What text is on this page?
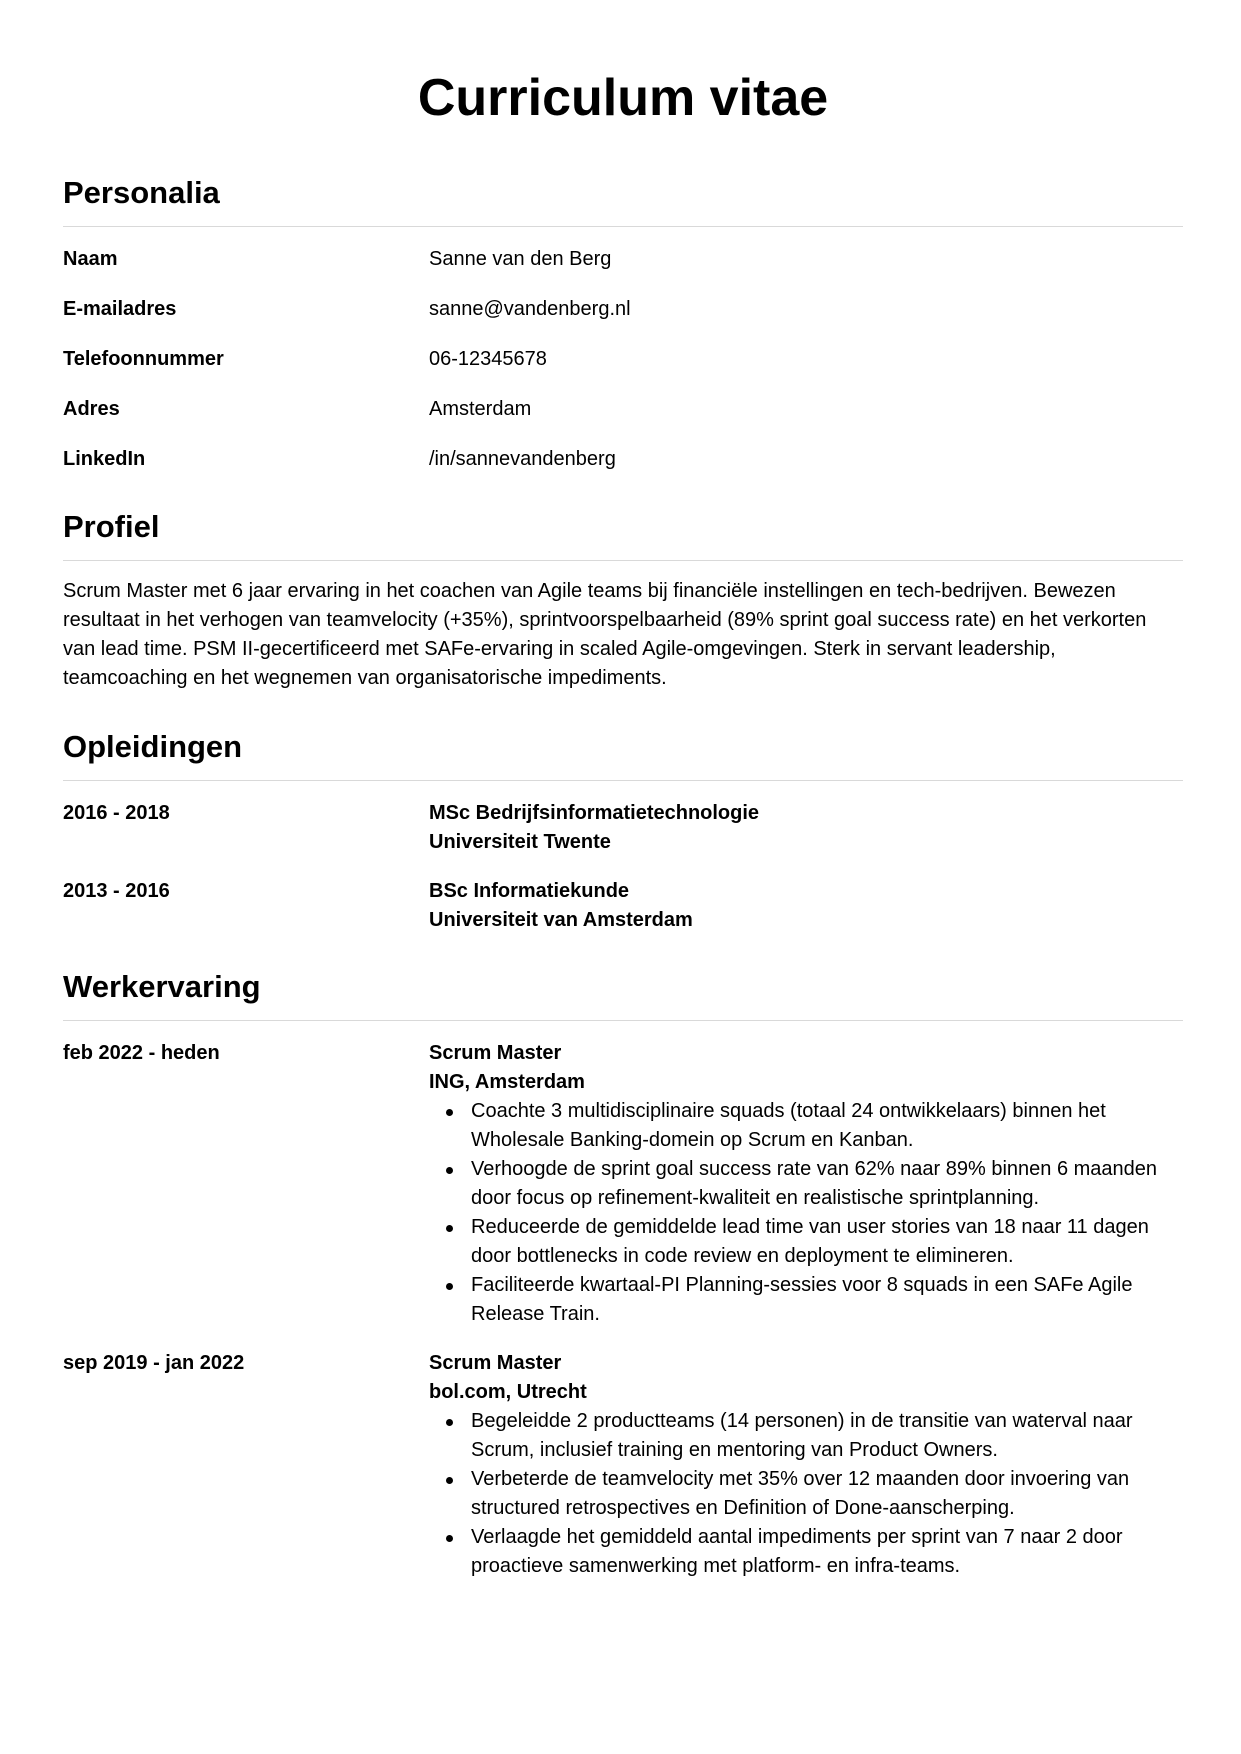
Curriculum vitae
Personalia
Naam	Sanne van den Berg
E-mailadres	sanne@vandenberg.nl
Telefoonnummer	06-12345678
Adres	Amsterdam
LinkedIn	/in/sannevandenberg
Profiel

Scrum Master met 6 jaar ervaring in het coachen van Agile teams bij financiële instellingen en tech-bedrijven. Bewezen resultaat in het verhogen van teamvelocity (+35%), sprintvoorspelbaarheid (89% sprint goal success rate) en het verkorten van lead time. PSM II-gecertificeerd met SAFe-ervaring in scaled Agile-omgevingen. Sterk in servant leadership, teamcoaching en het wegnemen van organisatorische impediments.

Opleidingen
2016 - 2018	MSc Bedrijfsinformatietechnologie
Universiteit Twente
2013 - 2016	BSc Informatiekunde
Universiteit van Amsterdam
Werkervaring
feb 2022 - heden	Scrum Master
ING, Amsterdam
Coachte 3 multidisciplinaire squads (totaal 24 ontwikkelaars) binnen het Wholesale Banking-domein op Scrum en Kanban.
Verhoogde de sprint goal success rate van 62% naar 89% binnen 6 maanden door focus op refinement-kwaliteit en realistische sprintplanning.
Reduceerde de gemiddelde lead time van user stories van 18 naar 11 dagen door bottlenecks in code review en deployment te elimineren.
Faciliteerde kwartaal-PI Planning-sessies voor 8 squads in een SAFe Agile Release Train.
sep 2019 - jan 2022	Scrum Master
bol.com, Utrecht
Begeleidde 2 productteams (14 personen) in de transitie van waterval naar Scrum, inclusief training en mentoring van Product Owners.
Verbeterde de teamvelocity met 35% over 12 maanden door invoering van structured retrospectives en Definition of Done-aanscherping.
Verlaagde het gemiddeld aantal impediments per sprint van 7 naar 2 door proactieve samenwerking met platform- en infra-teams.
